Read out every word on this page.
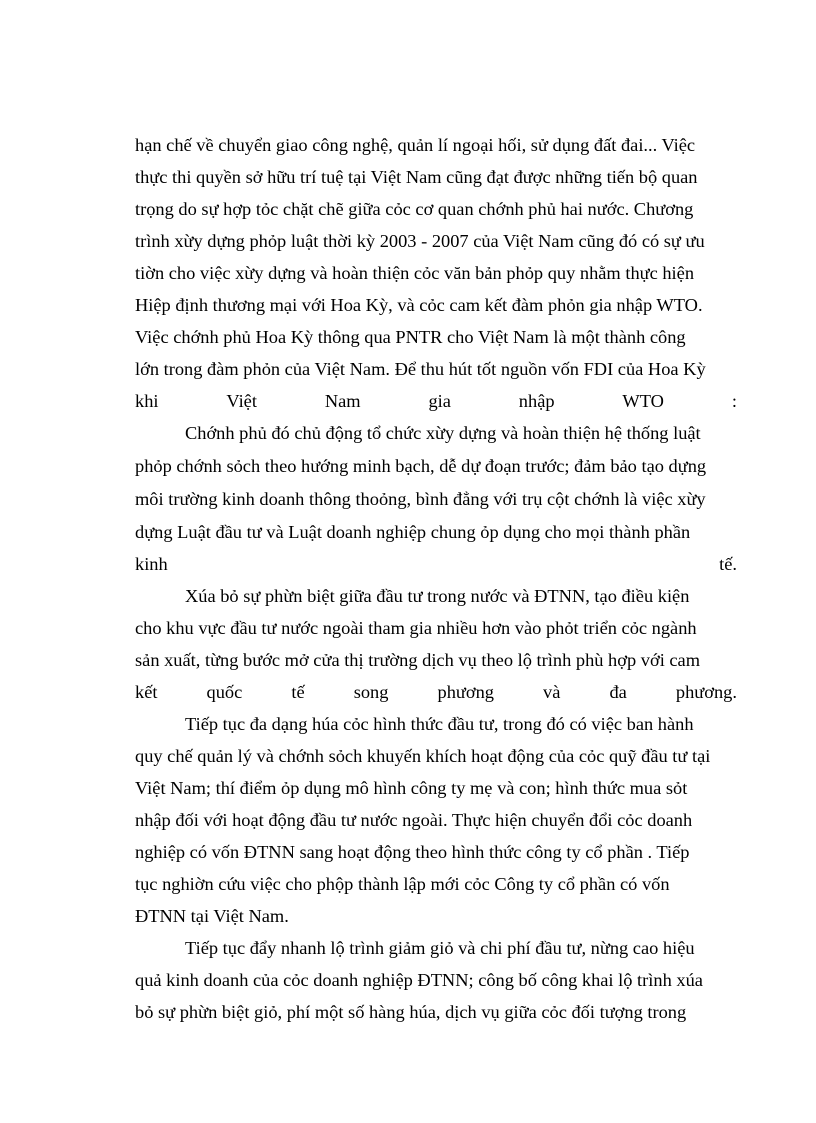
hạn chế về chuyển giao công nghệ, quản lí ngoại hối, sử dụng đất đai... Việc
thực thi quyền sở hữu trí tuệ tại Việt Nam cũng đạt được những tiến bộ quan
trọng do sự hợp tỏc chặt chẽ giữa cỏc cơ quan chớnh phủ hai nước. Chương
trình xừy dựng phỏp luật thời kỳ 2003 - 2007 của Việt Nam cũng đó có sự ưu
tiờn cho việc xừy dựng và hoàn thiện cỏc văn bản phỏp quy nhằm thực hiện
Hiệp định thương mại với Hoa Kỳ, và cỏc cam kết đàm phỏn gia nhập WTO.
Việc chớnh phủ Hoa Kỳ thông qua PNTR cho Việt Nam là một thành công
lớn trong đàm phỏn của Việt Nam. Để thu hút tốt nguồn vốn FDI của Hoa Kỳ
khi	Việt	Nam	gia	nhập	WTO	:
Chớnh phủ đó chủ động tổ chức xừy dựng và hoàn thiện hệ thống luật
phỏp chớnh sỏch theo hướng minh bạch, dễ dự đoạn trước; đảm bảo tạo dựng
môi trường kinh doanh thông thoỏng, bình đẳng với trụ cột chớnh là việc xừy
dựng Luật đầu tư và Luật doanh nghiệp chung ỏp dụng cho mọi thành phần
kinh	tế.
Xúa bỏ sự phừn biệt giữa đầu tư trong nước và ĐTNN, tạo điều kiện
cho khu vực đầu tư nước ngoài tham gia nhiều hơn vào phỏt triển cỏc ngành
sản xuất, từng bước mở cửa thị trường dịch vụ theo lộ trình phù hợp với cam
kết	quốc	tế	song	phương	và	đa	phương.
Tiếp tục đa dạng húa cỏc hình thức đầu tư, trong đó có việc ban hành
quy chế quản lý và chớnh sỏch khuyến khích hoạt động của cỏc quỹ đầu tư tại
Việt Nam; thí điểm ỏp dụng mô hình công ty mẹ và con; hình thức mua sỏt
nhập đối với hoạt động đầu tư nước ngoài. Thực hiện chuyển đổi cỏc doanh
nghiệp có vốn ĐTNN sang hoạt động theo hình thức công ty cổ phần . Tiếp
tục nghiờn cứu việc cho phộp thành lập mới cỏc Công ty cổ phần có vốn
ĐTNN tại Việt Nam.
Tiếp tục đẩy nhanh lộ trình giảm giỏ và chi phí đầu tư, nừng cao hiệu
quả kinh doanh của cỏc doanh nghiệp ĐTNN; công bố công khai lộ trình xúa
bỏ sự phừn biệt giỏ, phí một số hàng húa, dịch vụ giữa cỏc đối tượng trong
